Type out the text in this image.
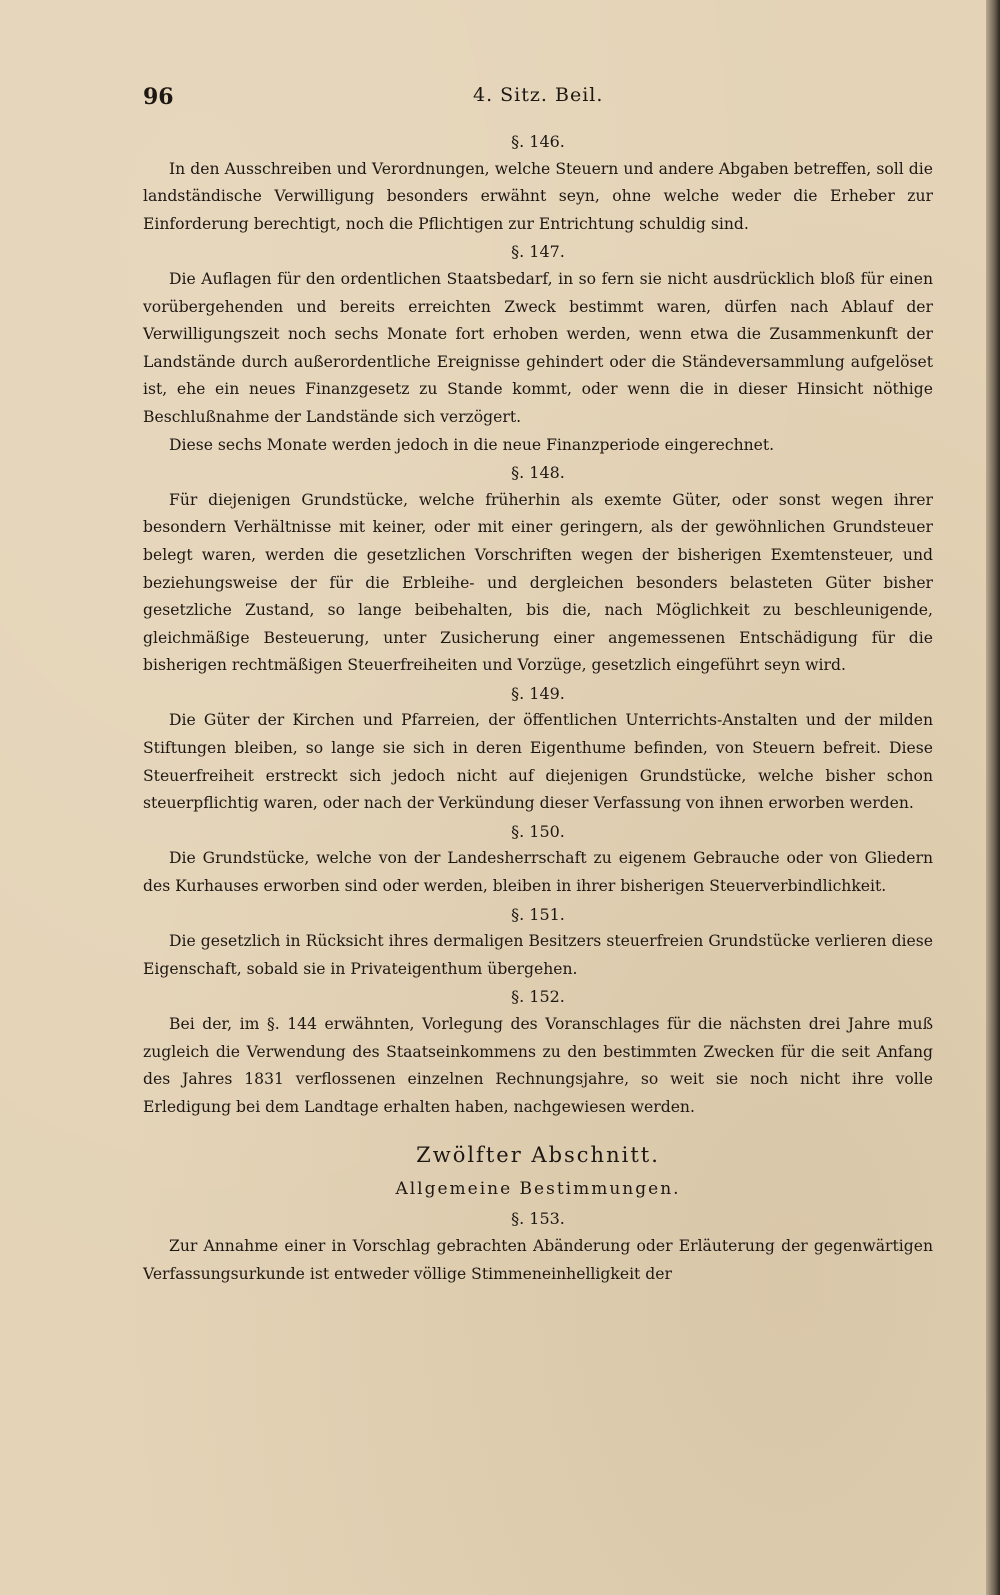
96	4. Sitz. Beil.

§. 146.

In den Ausschreiben und Verordnungen, welche Steuern und andere Abgaben betreffen, soll die landständische Verwilligung besonders erwähnt seyn, ohne welche weder die Erheber zur Einforderung berechtigt, noch die Pflichtigen zur Entrichtung schuldig sind.

§. 147.

Die Auflagen für den ordentlichen Staatsbedarf, in so fern sie nicht ausdrücklich bloß für einen vorübergehenden und bereits erreichten Zweck bestimmt waren, dürfen nach Ablauf der Verwilligungszeit noch sechs Monate fort erhoben werden, wenn etwa die Zusammenkunft der Landstände durch außerordentliche Ereignisse gehindert oder die Ständeversammlung aufgelöset ist, ehe ein neues Finanzgesetz zu Stande kommt, oder wenn die in dieser Hinsicht nöthige Beschlußnahme der Landstände sich verzögert.

Diese sechs Monate werden jedoch in die neue Finanzperiode eingerechnet.

§. 148.

Für diejenigen Grundstücke, welche früherhin als exemte Güter, oder sonst wegen ihrer besondern Verhältnisse mit keiner, oder mit einer geringern, als der gewöhnlichen Grundsteuer belegt waren, werden die gesetzlichen Vorschriften wegen der bisherigen Exemtensteuer, und beziehungsweise der für die Erbleihe- und dergleichen besonders belasteten Güter bisher gesetzliche Zustand, so lange beibehalten, bis die, nach Möglichkeit zu beschleunigende, gleichmäßige Besteuerung, unter Zusicherung einer angemessenen Entschädigung für die bisherigen rechtmäßigen Steuerfreiheiten und Vorzüge, gesetzlich eingeführt seyn wird.

§. 149.

Die Güter der Kirchen und Pfarreien, der öffentlichen Unterrichts-Anstalten und der milden Stiftungen bleiben, so lange sie sich in deren Eigenthume befinden, von Steuern befreit. Diese Steuerfreiheit erstreckt sich jedoch nicht auf diejenigen Grundstücke, welche bisher schon steuerpflichtig waren, oder nach der Verkündung dieser Verfassung von ihnen erworben werden.

§. 150.

Die Grundstücke, welche von der Landesherrschaft zu eigenem Gebrauche oder von Gliedern des Kurhauses erworben sind oder werden, bleiben in ihrer bisherigen Steuerverbindlichkeit.

§. 151.

Die gesetzlich in Rücksicht ihres dermaligen Besitzers steuerfreien Grundstücke verlieren diese Eigenschaft, sobald sie in Privateigenthum übergehen.

§. 152.

Bei der, im §. 144 erwähnten, Vorlegung des Voranschlages für die nächsten drei Jahre muß zugleich die Verwendung des Staatseinkommens zu den bestimmten Zwecken für die seit Anfang des Jahres 1831 verflossenen einzelnen Rechnungsjahre, so weit sie noch nicht ihre volle Erledigung bei dem Landtage erhalten haben, nachgewiesen werden.

Zwölfter Abschnitt.

Allgemeine Bestimmungen.

§. 153.

Zur Annahme einer in Vorschlag gebrachten Abänderung oder Erläuterung der gegenwärtigen Verfassungsurkunde ist entweder völlige Stimmeneinhelligkeit der
